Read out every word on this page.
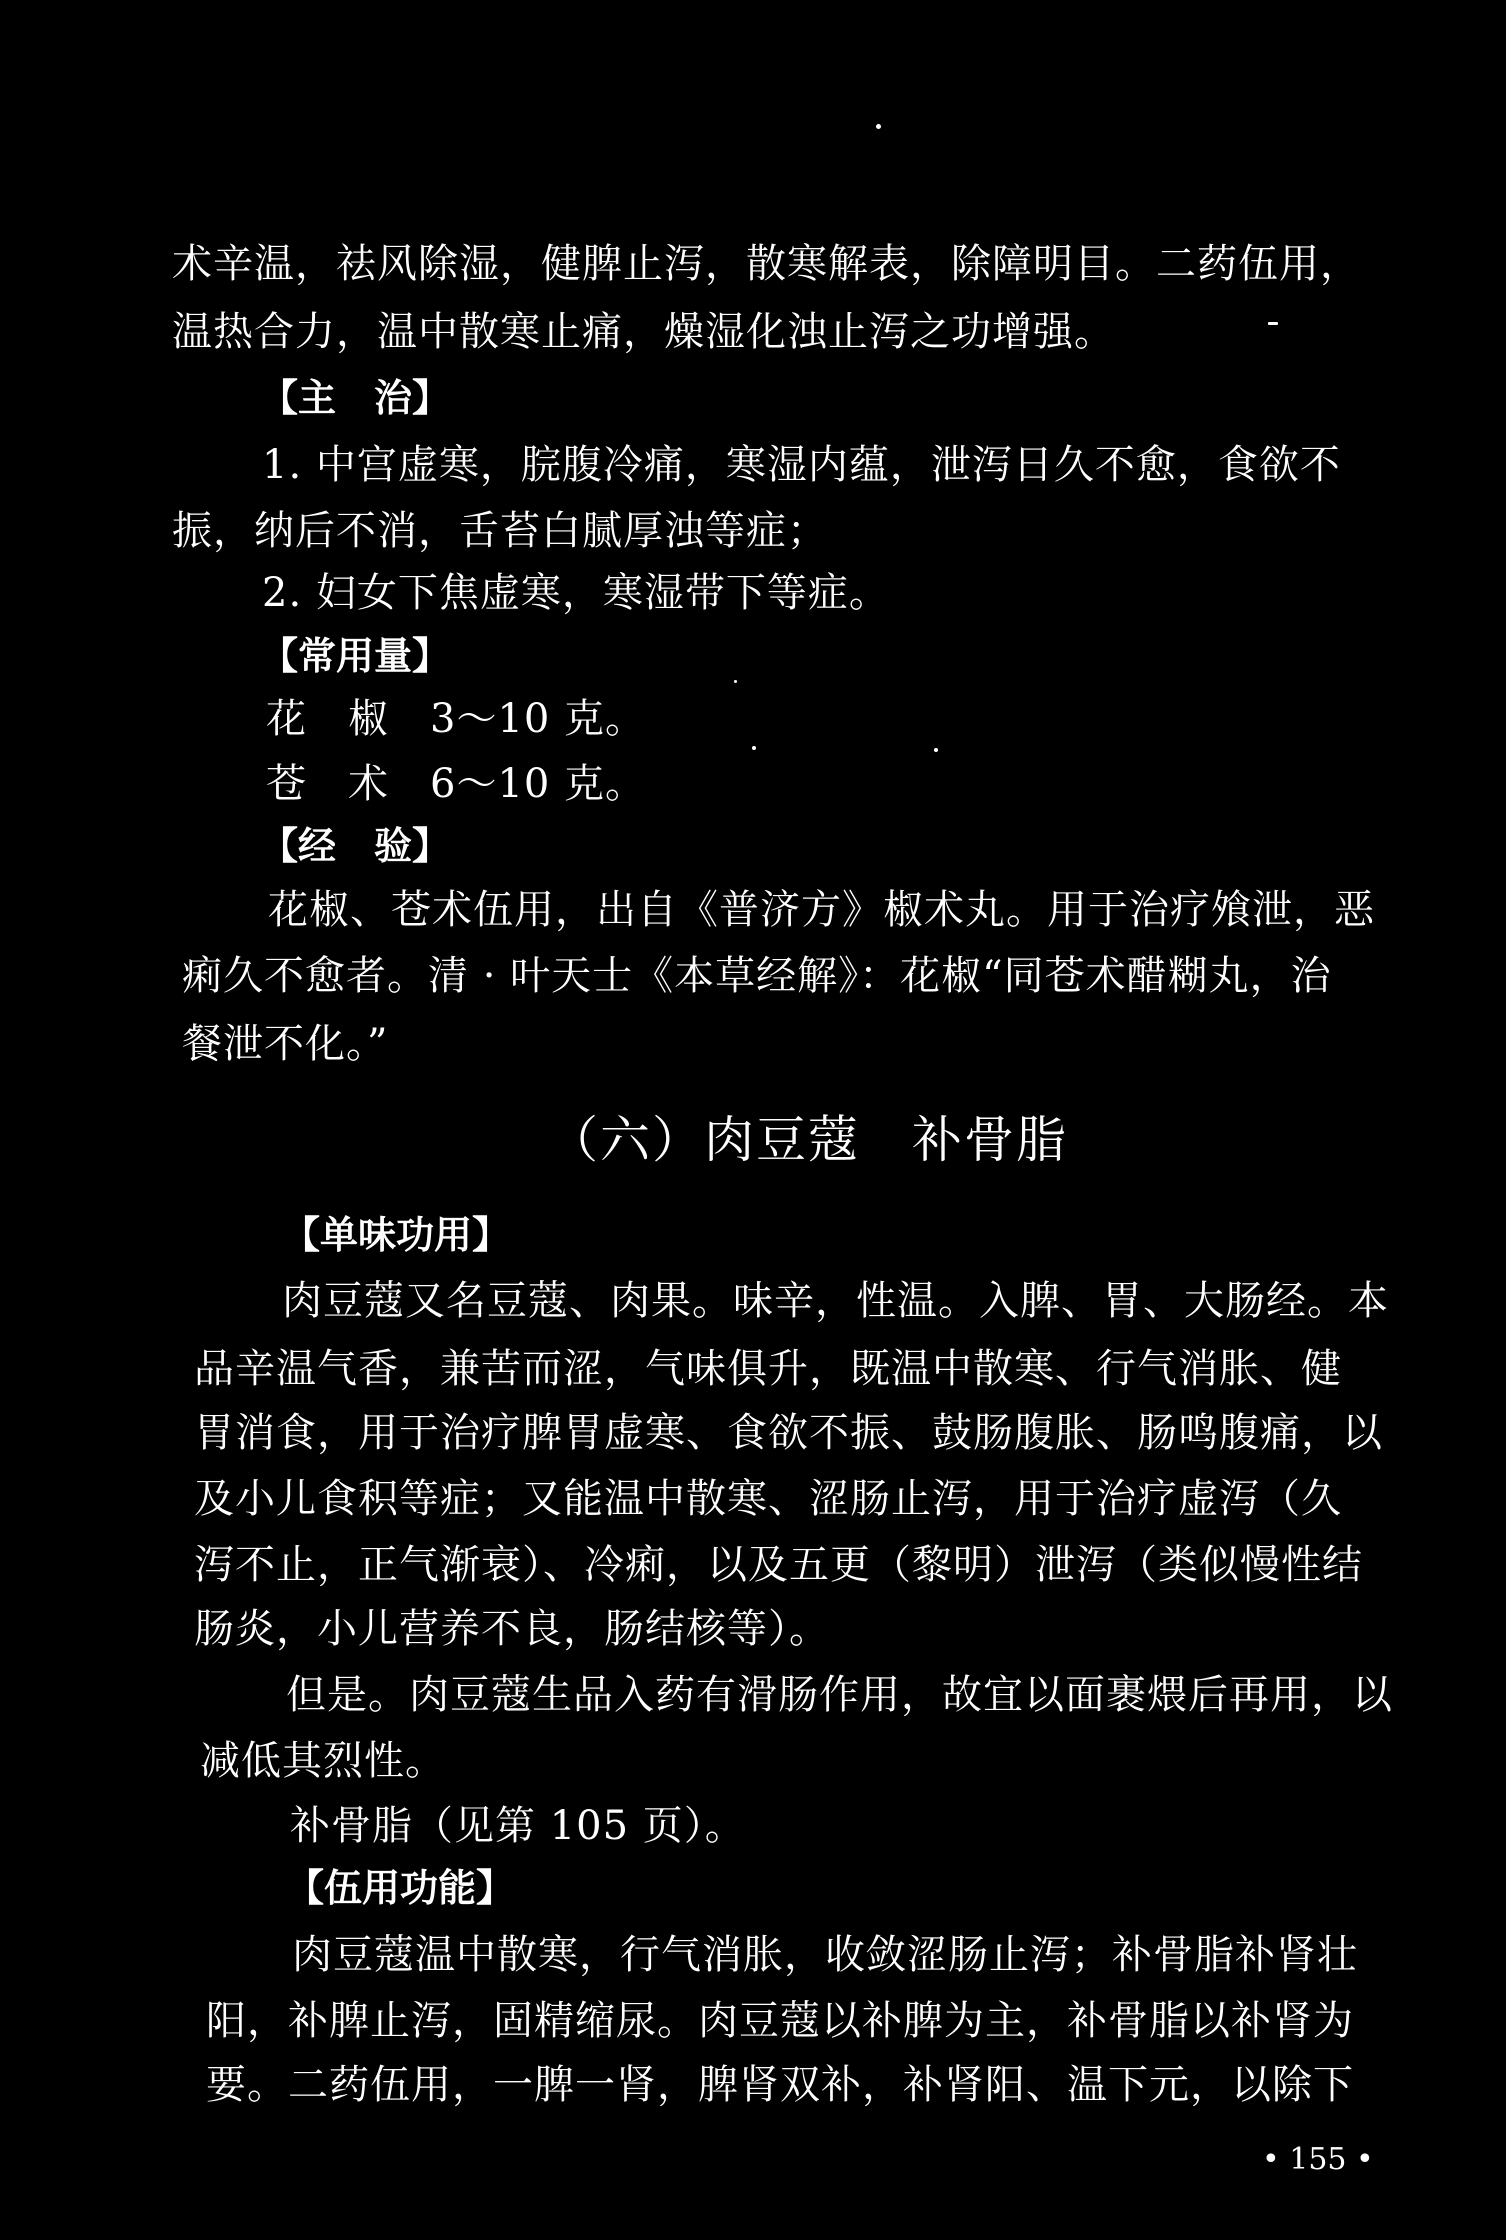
术辛温，祛风除湿，健脾止泻，散寒解表，除障明目。二药伍用，
温热合力，温中散寒止痛，燥湿化浊止泻之功增强。
【主　治】
1. 中宫虚寒，脘腹冷痛，寒湿内蕴，泄泻日久不愈，食欲不
振，纳后不消，舌苔白腻厚浊等症；
2. 妇女下焦虚寒，寒湿带下等症。
【常用量】
花　椒　3～10 克。
苍　术　6～10 克。
【经　验】
花椒、苍术伍用，出自《普济方》椒术丸。用于治疗飧泄，恶
痢久不愈者。清 · 叶天士《本草经解》：花椒“同苍术醋糊丸，治
餐泄不化。”
（六）肉豆蔻　补骨脂
【单味功用】
肉豆蔻又名豆蔻、肉果。味辛，性温。入脾、胃、大肠经。本
品辛温气香，兼苦而涩，气味俱升，既温中散寒、行气消胀、健
胃消食，用于治疗脾胃虚寒、食欲不振、鼓肠腹胀、肠鸣腹痛，以
及小儿食积等症；又能温中散寒、涩肠止泻，用于治疗虚泻（久
泻不止，正气渐衰）、冷痢，以及五更（黎明）泄泻（类似慢性结
肠炎，小儿营养不良，肠结核等）。
但是。肉豆蔻生品入药有滑肠作用，故宜以面裹煨后再用，以
减低其烈性。
补骨脂（见第 105 页）。
【伍用功能】
肉豆蔻温中散寒，行气消胀，收敛涩肠止泻；补骨脂补肾壮
阳，补脾止泻，固精缩尿。肉豆蔻以补脾为主，补骨脂以补肾为
要。二药伍用，一脾一肾，脾肾双补，补肾阳、温下元，以除下
• 155 •
